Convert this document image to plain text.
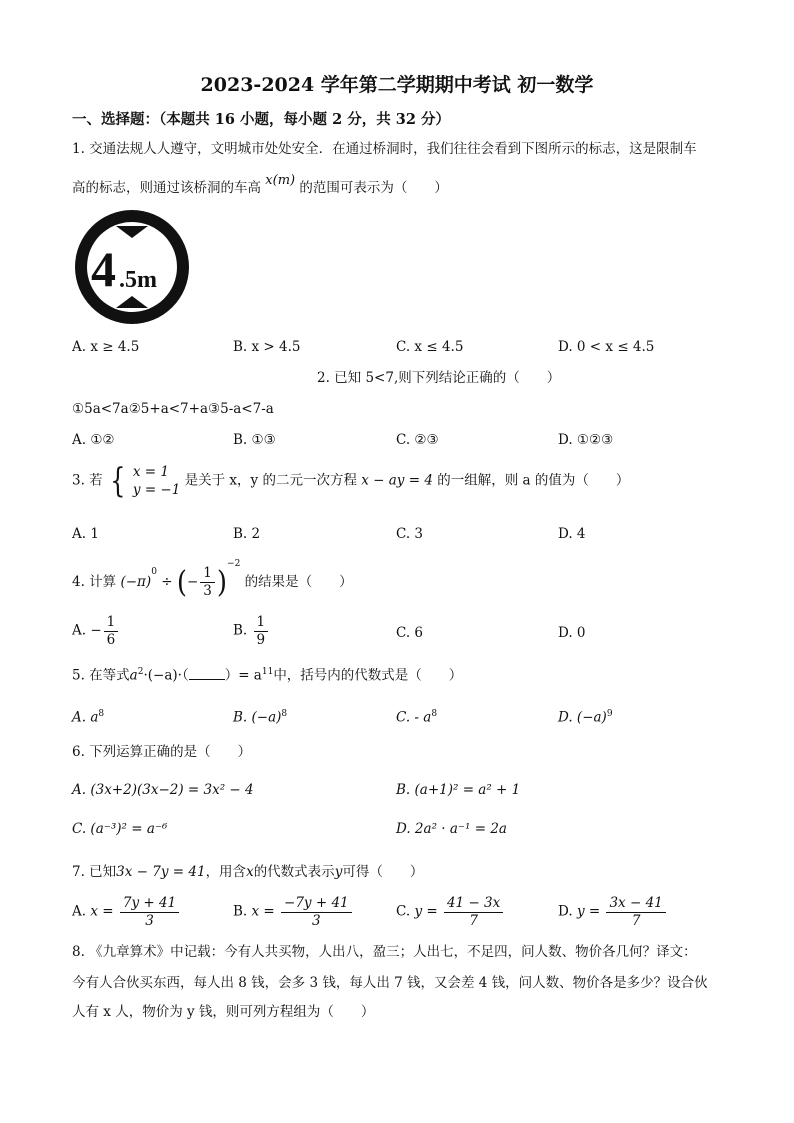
2023-2024 学年第二学期期中考试 初一数学
一、选择题：（本题共 16 小题，每小题 2 分，共 32 分）
1. 交通法规人人遵守，文明城市处处安全．在通过桥洞时，我们往往会看到下图所示的标志，这是限制车
高的标志，则通过该桥洞的车高 x(m) 的范围可表示为（　　）
4 .5m
A. x ≥ 4.5	B. x > 4.5	C. x ≤ 4.5	D. 0 < x ≤ 4.5
2. 已知 5<7,则下列结论正确的（　　）
①5a<7a②5+a<7+a③5-a<7-a
A. ①②	B. ①③	C. ②③	D. ①②③
3. 若 { x = 1
y = −1
是关于 x，y 的二元一次方程 x − ay = 4 的一组解，则 a 的值为（　　）
A. 1	B. 2	C. 3	D. 4
4. 计算 $(-\pi)^0$ ÷ (− $\frac{1}{3} )^{-2}$ 的结果是（　　）
A. − $\frac{1}{6}$	B. $\frac{1}{9}$	C. 6	D. 0
5. 在等式$a^2\cdot(-a)\cdot$（	）= $a^{11}$中，括号内的代数式是（　　）
A. $a^8$	B. $(-a)^8$	C. - $a^8$	D. $(-a)^9$
6. 下列运算正确的是（　　）
A. (3x+2)(3x−2) = 3x² − 4	B. (a+1)² = a² + 1
C. (a⁻³)² = a⁻⁶	D. 2a² · a⁻¹ = 2a
7. 已知3x − 7y = 41，用含x的代数式表示y可得（　　）
A. $x = \frac{7y + 41}{3}$	B. $x = \frac{-7y + 41}{3}$	C. $y = \frac{41 - 3x}{7}$	D. $y = \frac{3x - 41}{7}$
8. 《九章算术》中记载：今有人共买物，人出八，盈三；人出七，不足四，问人数、物价各几何？译文：
今有人合伙买东西，每人出 8 钱，会多 3 钱，每人出 7 钱，又会差 4 钱，问人数、物价各是多少？设合伙
人有 x 人，物价为 y 钱，则可列方程组为（　　）
